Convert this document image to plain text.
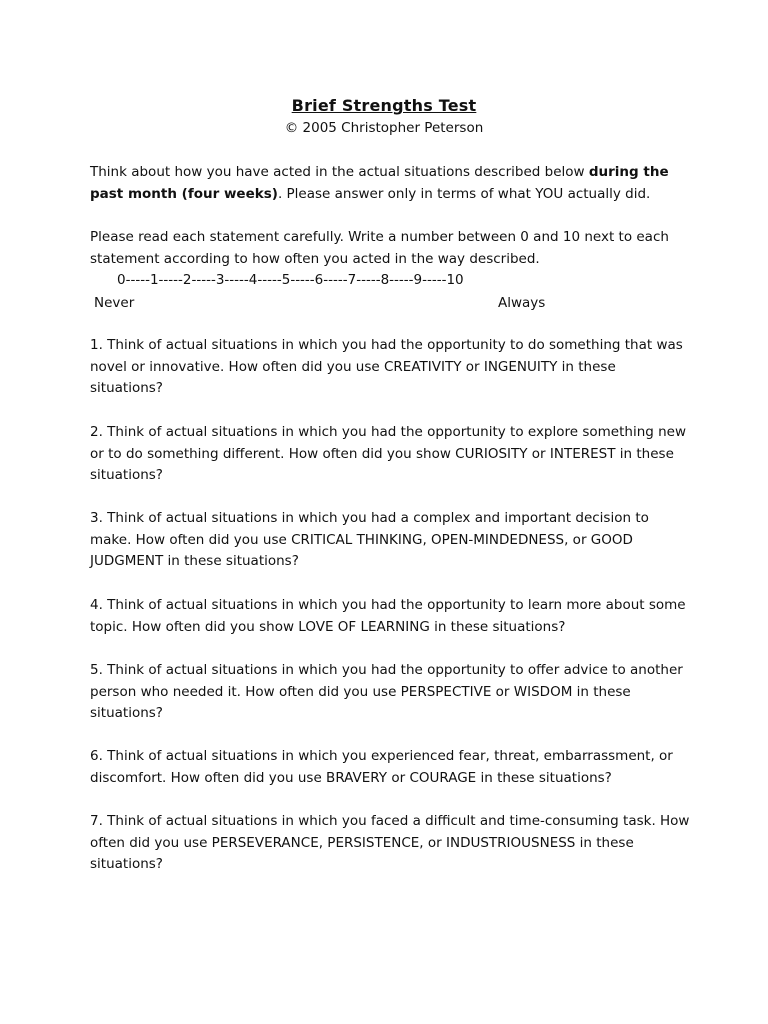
Brief Strengths Test
© 2005 Christopher Peterson

Think about how you have acted in the actual situations described below during the past month (four weeks). Please answer only in terms of what YOU actually did.

Please read each statement carefully. Write a number between 0 and 10 next to each statement according to how often you acted in the way described.

0-----1-----2-----3-----4-----5-----6-----7-----8-----9-----10
Never	Always

1. Think of actual situations in which you had the opportunity to do something that was novel or innovative. How often did you use CREATIVITY or INGENUITY in these situations?

2. Think of actual situations in which you had the opportunity to explore something new or to do something different. How often did you show CURIOSITY or INTEREST in these situations?

3. Think of actual situations in which you had a complex and important decision to make. How often did you use CRITICAL THINKING, OPEN-MINDEDNESS, or GOOD JUDGMENT in these situations?

4. Think of actual situations in which you had the opportunity to learn more about some topic. How often did you show LOVE OF LEARNING in these situations?

5. Think of actual situations in which you had the opportunity to offer advice to another person who needed it. How often did you use PERSPECTIVE or WISDOM in these situations?

6. Think of actual situations in which you experienced fear, threat, embarrassment, or discomfort. How often did you use BRAVERY or COURAGE in these situations?

7. Think of actual situations in which you faced a difficult and time-consuming task. How often did you use PERSEVERANCE, PERSISTENCE, or INDUSTRIOUSNESS in these situations?
